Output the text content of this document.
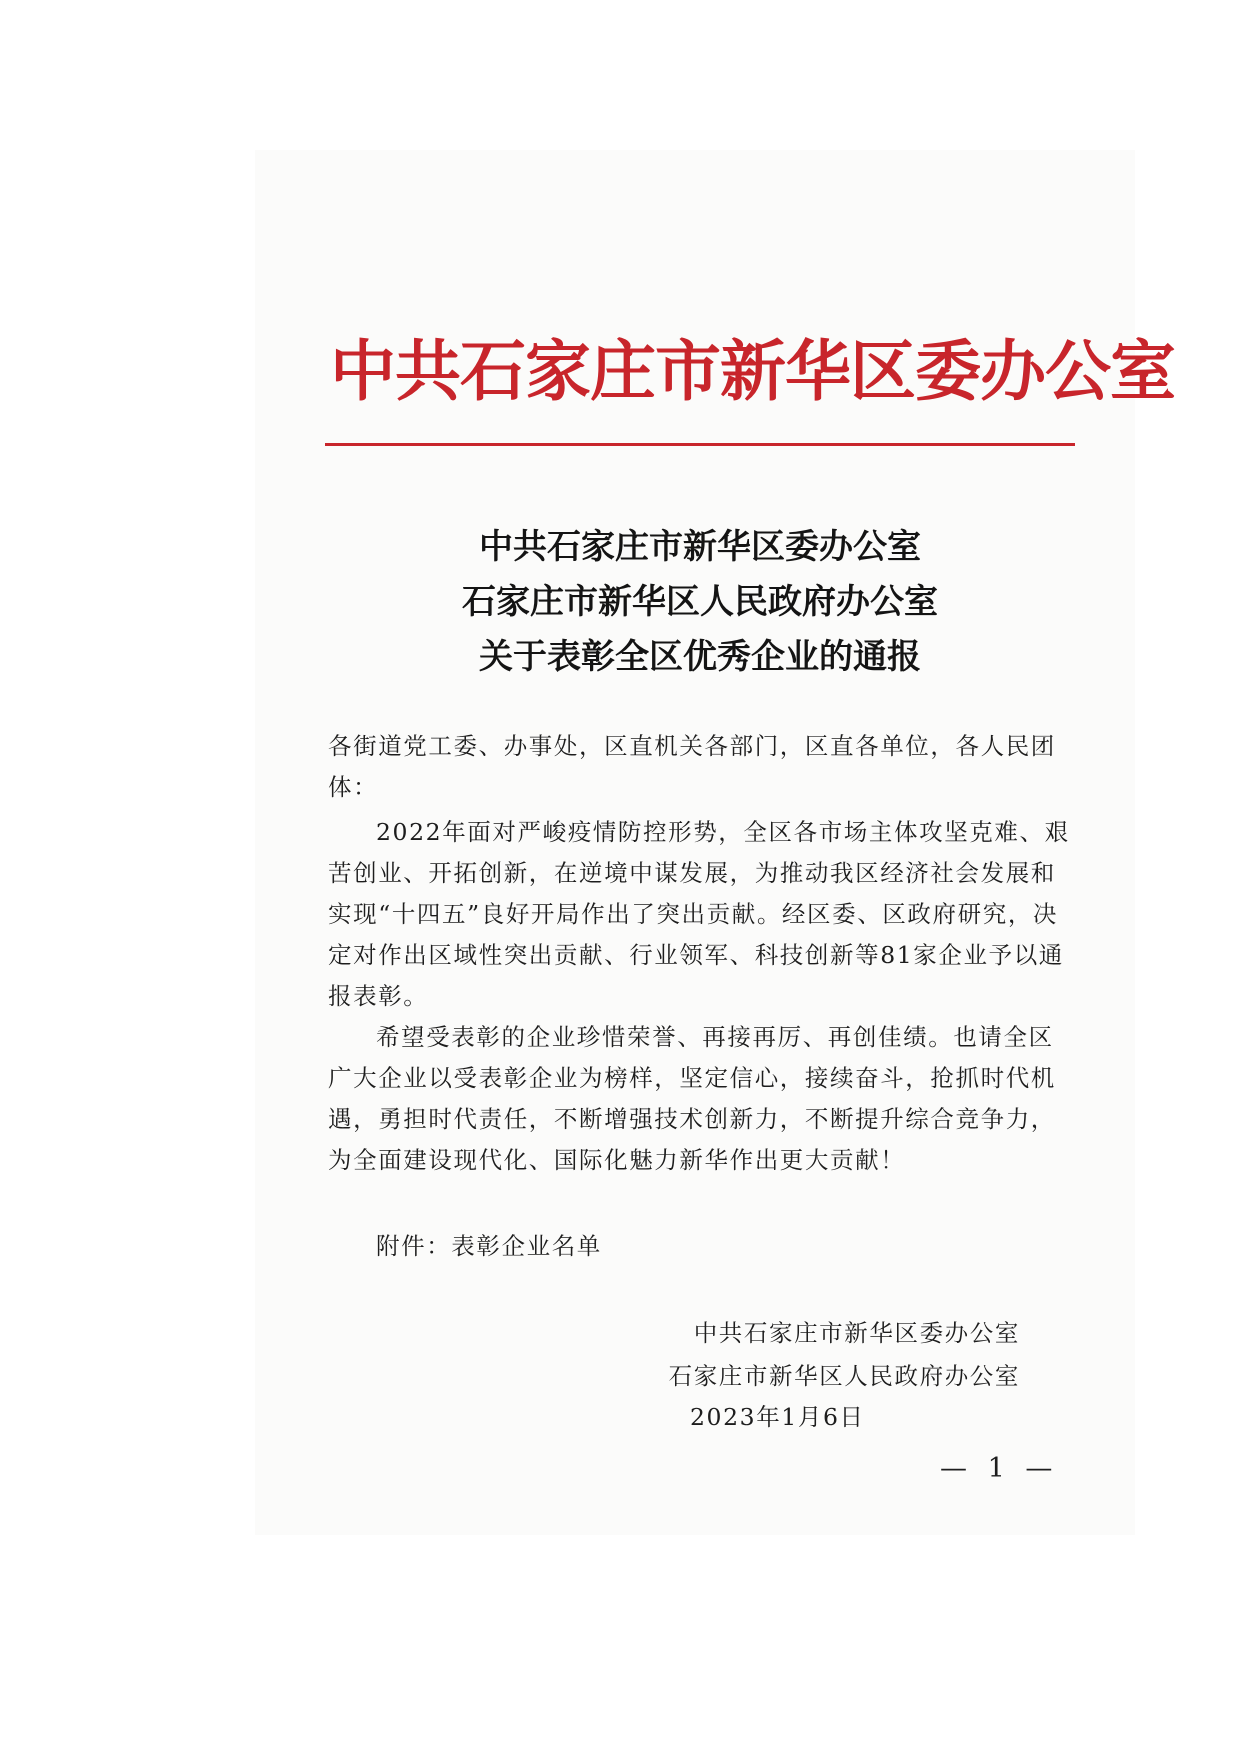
中共石家庄市新华区委办公室
中共石家庄市新华区委办公室
石家庄市新华区人民政府办公室
关于表彰全区优秀企业的通报

各街道党工委、办事处，区直机关各部门，区直各单位，各人民团体：

2022年面对严峻疫情防控形势，全区各市场主体攻坚克难、艰苦创业、开拓创新，在逆境中谋发展，为推动我区经济社会发展和实现“十四五”良好开局作出了突出贡献。经区委、区政府研究，决定对作出区域性突出贡献、行业领军、科技创新等81家企业予以通报表彰。

希望受表彰的企业珍惜荣誉、再接再厉、再创佳绩。也请全区广大企业以受表彰企业为榜样，坚定信心，接续奋斗，抢抓时代机遇，勇担时代责任，不断增强技术创新力，不断提升综合竞争力，为全面建设现代化、国际化魅力新华作出更大贡献！

附件：表彰企业名单
中共石家庄市新华区委办公室
石家庄市新华区人民政府办公室
2023年1月6日
— 1 —
